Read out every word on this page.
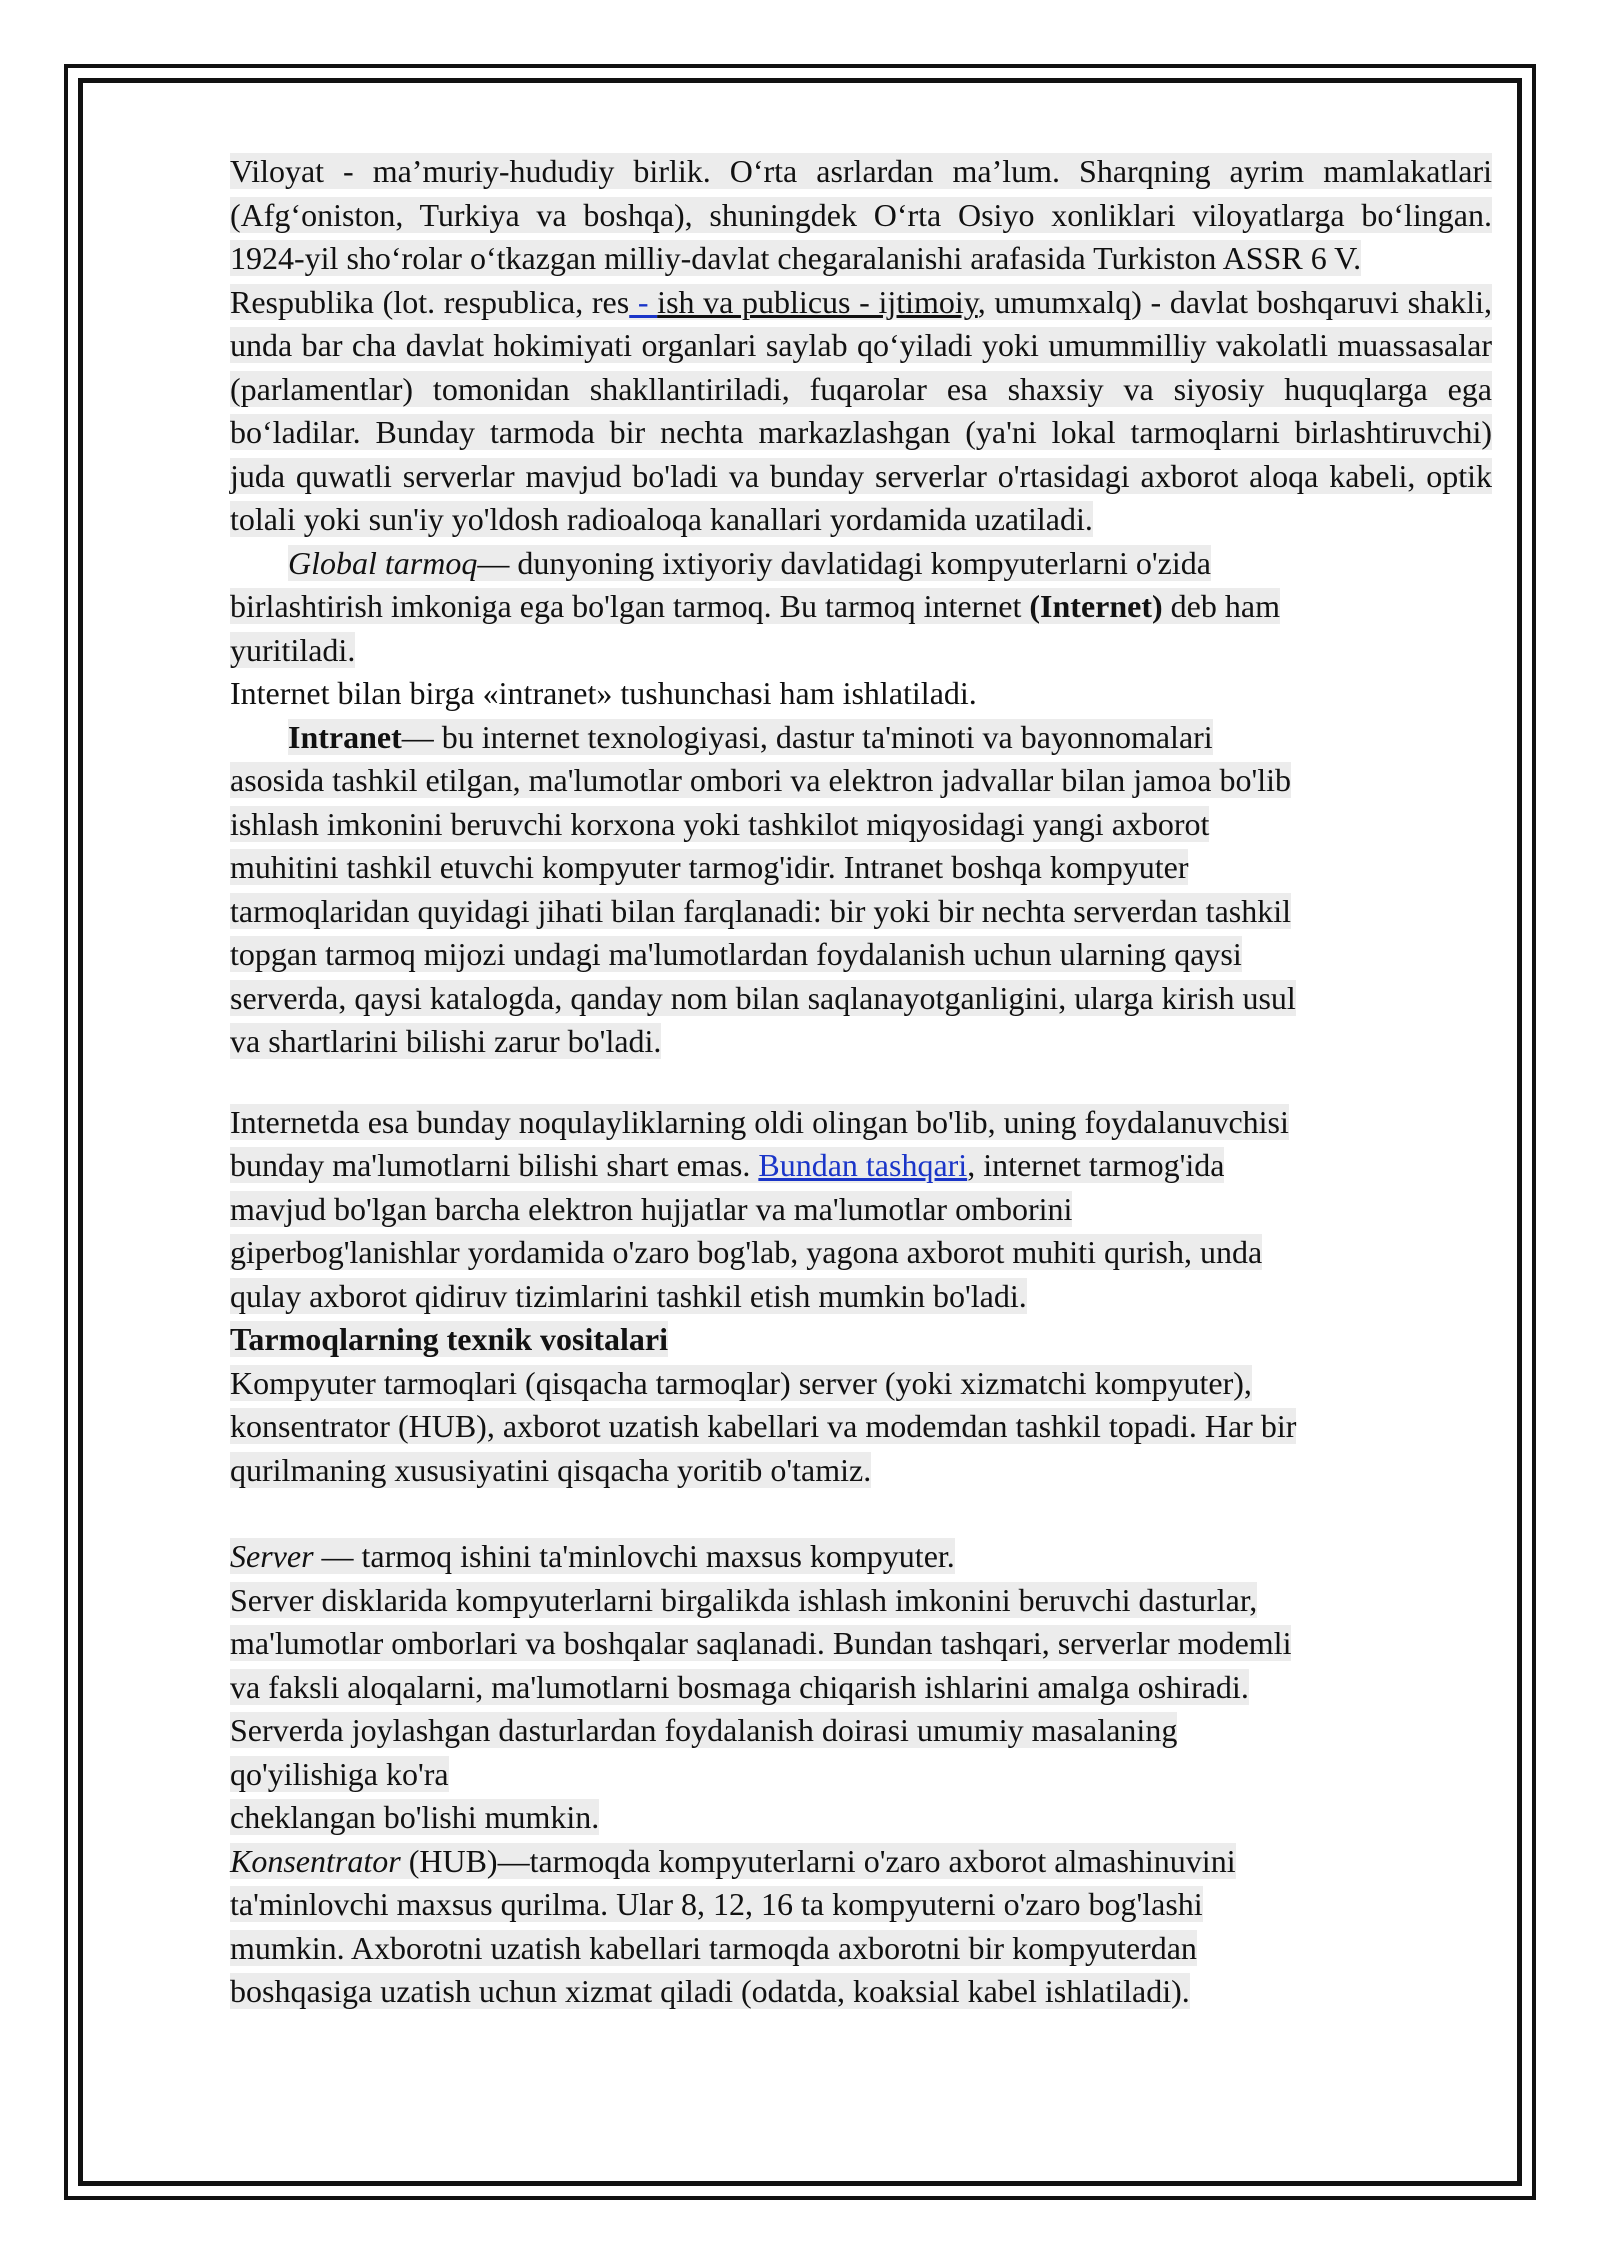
Viloyat - ma’muriy-hududiy birlik. O‘rta asrlardan ma’lum. Sharqning ayrim mamlakatlari (Afg‘oniston, Turkiya va boshqa), shuningdek O‘rta Osiyo xonliklari viloyatlarga bo‘lingan. 1924-yil sho‘rolar o‘tkazgan milliy-davlat chegaralanishi arafasida Turkiston ASSR 6 V.

Respublika (lot. respublica, res - ish va publicus - ijtimoiy, umumxalq) - davlat boshqaruvi shakli, unda bar cha davlat hokimiyati organlari saylab qo‘yiladi yoki umummilliy vakolatli muassasalar (parlamentlar) tomonidan shakllantiriladi, fuqarolar esa shaxsiy va siyosiy huquqlarga ega bo‘ladilar. Bunday tarmoda bir nechta markazlashgan (ya'ni lokal tarmoqlarni birlashtiruvchi) juda quwatli serverlar mavjud bo'ladi va bunday serverlar o'rtasidagi axborot aloqa kabeli, optik tolali yoki sun'iy yo'ldosh radioaloqa kanallari yordamida uzatiladi.

Global tarmoq— dunyoning ixtiyoriy davlatidagi kompyuterlarni o'zida

birlashtirish imkoniga ega bo'lgan tarmoq. Bu tarmoq internet (Internet) deb ham

yuritiladi.

Internet bilan birga «intranet» tushunchasi ham ishlatiladi.

Intranet— bu internet texnologiyasi, dastur ta'minoti va bayonnomalari

asosida tashkil etilgan, ma'lumotlar ombori va elektron jadvallar bilan jamoa bo'lib

ishlash imkonini beruvchi korxona yoki tashkilot miqyosidagi yangi axborot

muhitini tashkil etuvchi kompyuter tarmog'idir. Intranet boshqa kompyuter

tarmoqlaridan quyidagi jihati bilan farqlanadi: bir yoki bir nechta serverdan tashkil

topgan tarmoq mijozi undagi ma'lumotlardan foydalanish uchun ularning qaysi

serverda, qaysi katalogda, qanday nom bilan saqlanayotganligini, ularga kirish usul

va shartlarini bilishi zarur bo'ladi.

Internetda esa bunday noqulayliklarning oldi olingan bo'lib, uning foydalanuvchisi

bunday ma'lumotlarni bilishi shart emas. Bundan tashqari, internet tarmog'ida

mavjud bo'lgan barcha elektron hujjatlar va ma'lumotlar omborini

giperbog'lanishlar yordamida o'zaro bog'lab, yagona axborot muhiti qurish, unda

qulay axborot qidiruv tizimlarini tashkil etish mumkin bo'ladi.

Tarmoqlarning texnik vositalari

Kompyuter tarmoqlari (qisqacha tarmoqlar) server (yoki xizmatchi kompyuter),

konsentrator (HUB), axborot uzatish kabellari va modemdan tashkil topadi. Har bir

qurilmaning xususiyatini qisqacha yoritib o'tamiz.

Server — tarmoq ishini ta'minlovchi maxsus kompyuter.

Server disklarida kompyuterlarni birgalikda ishlash imkonini beruvchi dasturlar,

ma'lumotlar omborlari va boshqalar saqlanadi. Bundan tashqari, serverlar modemli

va faksli aloqalarni, ma'lumotlarni bosmaga chiqarish ishlarini amalga oshiradi.

Serverda joylashgan dasturlardan foydalanish doirasi umumiy masalaning

qo'yilishiga ko'ra

cheklangan bo'lishi mumkin.

Konsentrator (HUB)—tarmoqda kompyuterlarni o'zaro axborot almashinuvini

ta'minlovchi maxsus qurilma. Ular 8, 12, 16 ta kompyuterni o'zaro bog'lashi

mumkin. Axborotni uzatish kabellari tarmoqda axborotni bir kompyuterdan

boshqasiga uzatish uchun xizmat qiladi (odatda, koaksial kabel ishlatiladi).
